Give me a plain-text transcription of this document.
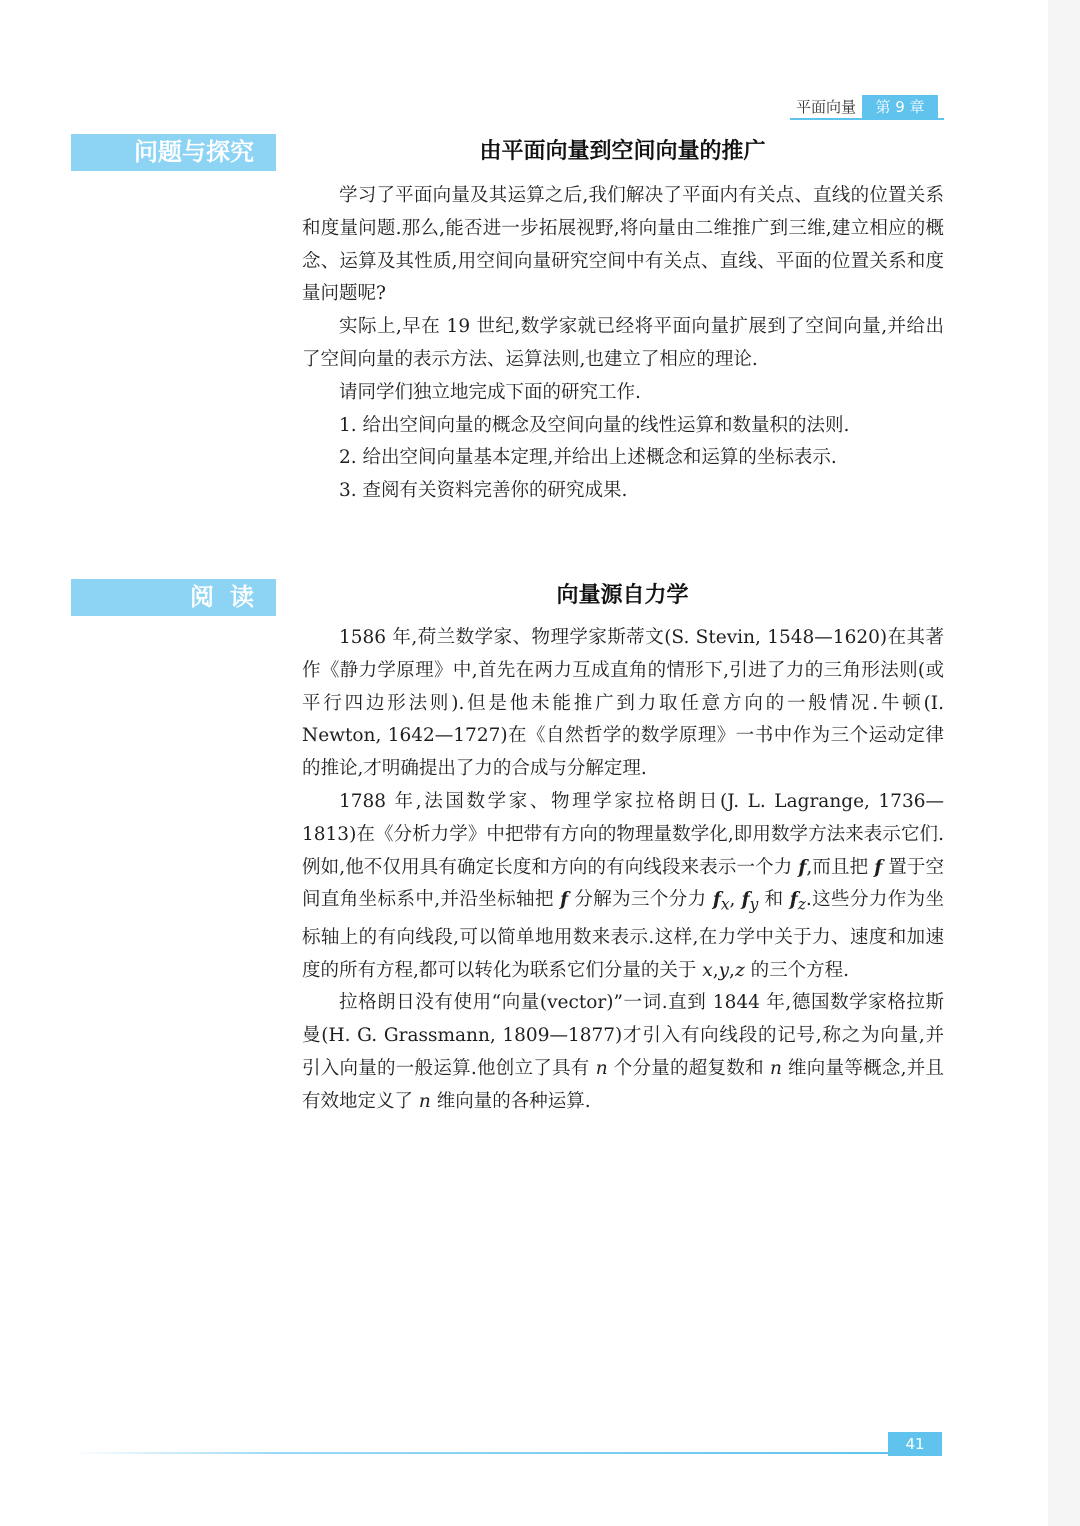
平面向量	第 9 章
问题与探究	由平面向量到空间向量的推广

学习了平面向量及其运算之后,我们解决了平面内有关点、直线的位置关系和度量问题.那么,能否进一步拓展视野,将向量由二维推广到三维,建立相应的概念、运算及其性质,用空间向量研究空间中有关点、直线、平面的位置关系和度量问题呢?

实际上,早在 19 世纪,数学家就已经将平面向量扩展到了空间向量,并给出了空间向量的表示方法、运算法则,也建立了相应的理论.

请同学们独立地完成下面的研究工作.

1. 给出空间向量的概念及空间向量的线性运算和数量积的法则.

2. 给出空间向量基本定理,并给出上述概念和运算的坐标表示.

3. 查阅有关资料完善你的研究成果.

阅读	向量源自力学

1586 年,荷兰数学家、物理学家斯蒂文(S. Stevin, 1548—1620)在其著作《静力学原理》中,首先在两力互成直角的情形下,引进了力的三角形法则(或平行四边形法则).但是他未能推广到力取任意方向的一般情况.牛顿(I. Newton, 1642—1727)在《自然哲学的数学原理》一书中作为三个运动定律的推论,才明确提出了力的合成与分解定理.

1788 年,法国数学家、物理学家拉格朗日(J. L. Lagrange, 1736—1813)在《分析力学》中把带有方向的物理量数学化,即用数学方法来表示它们.例如,他不仅用具有确定长度和方向的有向线段来表示一个力 f,而且把 f 置于空间直角坐标系中,并沿坐标轴把 f 分解为三个分力 $f_x$, $f_y$ 和 $f_z$.这些分力作为坐标轴上的有向线段,可以简单地用数来表示.这样,在力学中关于力、速度和加速度的所有方程,都可以转化为联系它们分量的关于 x,y,z 的三个方程.

拉格朗日没有使用“向量(vector)”一词.直到 1844 年,德国数学家格拉斯曼(H. G. Grassmann, 1809—1877)才引入有向线段的记号,称之为向量,并引入向量的一般运算.他创立了具有 n 个分量的超复数和 n 维向量等概念,并且有效地定义了 n 维向量的各种运算.

41
